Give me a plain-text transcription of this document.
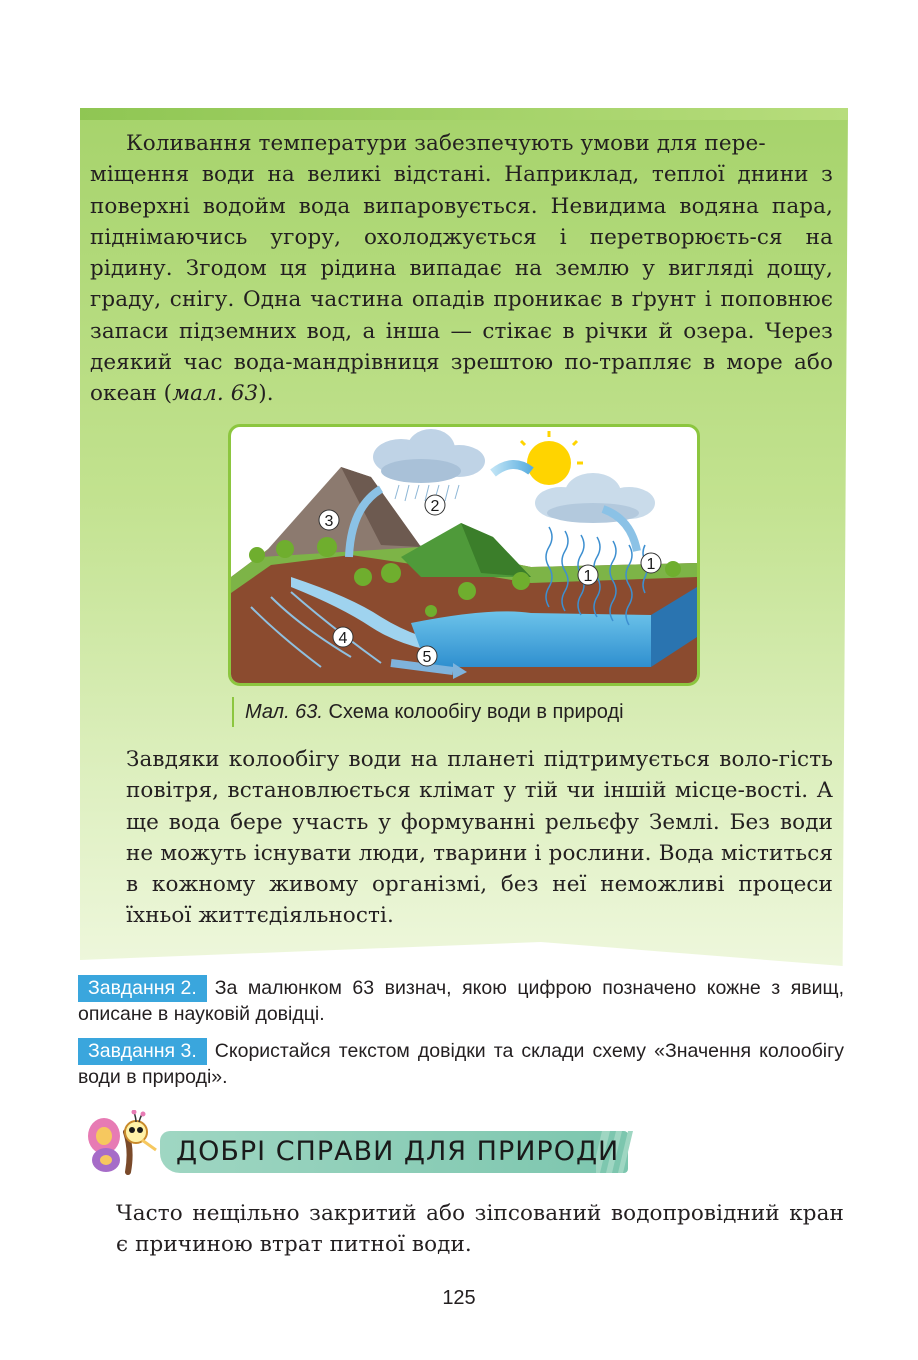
Коливання температури забезпечують умови для пере-
міщення води на великі відстані. Наприклад, теплої днини з поверхні водойм вода випаровується. Невидима водяна пара, піднімаючись угору, охолоджується і перетворюєть-ся на рідину. Згодом ця рідина випадає на землю у вигляді дощу, граду, снігу. Одна частина опадів проникає в ґрунт і поповнює запаси підземних вод, а інша — стікає в річки й озера. Через деякий час вода-мандрівниця зрештою по-трапляє в море або океан (мал. 63).
1
1
2
3
4
5
Мал. 63. Схема колообігу води в природі
Завдяки колообігу води на планеті підтримується воло-гість повітря, встановлюється клімат у тій чи іншій місце-вості. А ще вода бере участь у формуванні рельєфу Землі. Без води не можуть існувати люди, тварини і рослини. Вода міститься в кожному живому організмі, без неї неможливі процеси їхньої життєдіяльності.
Завдання 2. За малюнком 63 визнач, якою цифрою позначено кожне з явищ, описане в науковій довідці.
Завдання 3. Скористайся текстом довідки та склади схему «Значення колообігу води в природі».
ДОБРІ СПРАВИ ДЛЯ ПРИРОДИ
Часто нещільно закритий або зіпсований водопровідний кран є причиною втрат питної води.
125
